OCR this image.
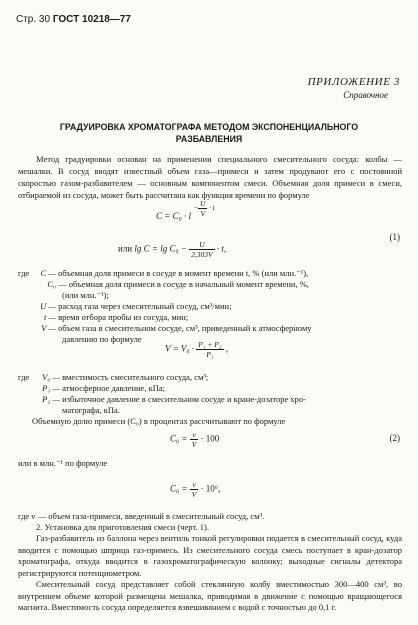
Стр. 30 ГОСТ 10218—77
ПРИЛОЖЕНИЕ 3
Справочное
ГРАДУИРОВКА ХРОМАТОГРАФА МЕТОДОМ ЭКСПОНЕНЦИАЛЬНОГО
РАЗБАВЛЕНИЯ
Метод градуировки основан на применении специального смесительного сосуда: колбы — мешалки. В сосуд вводят известный объем газа—примеси и затем продувают его с постоянной скоростью газом-разбавителем — основным компонентом смеси. Объемная доля примеси в смеси, отбираемой из сосуда, может быть рассчитана как функция времени по формуле
C = C₀ · l $^{- \frac{U}{V} \cdot t}$
или $\lg C = \lg C_0 - \frac{U}{2,303V} \cdot t$,
(1)
где C — объемная доля примеси в сосуде в момент времени t, % (или млн.⁻¹),
C₀ — объемная доля примеси в сосуде в начальный момент времени, %,
(или млн.⁻¹);
U — расход газа через смесительный сосуд, см³/мин;
t — время отбора пробы из сосуда, мин;
V — объем газа в смесительном сосуде, см³, приведенный к атмосферному
давлению по формуле
$V = V_0 \cdot \frac{\text{P₁ + P₂}}{\text{P₁}}$ ,
где V₀ — вместимость смесительного сосуда, см³;
P₁ — атмосферное давление, кПа;
P₂ — избыточное давление в смесительном сосуде и кране-дозаторе хро-
матографа, кПа.
Объемную долю примеси (C₀) в процентах рассчитывают по формуле
$C_0 = \frac{v}{V} \cdot 100$	(2)
или в млн.⁻¹ по формуле
$C_0 = \frac{v}{V} \cdot 10^6$,
где v — объем газа-примеси, введенный в смесительный сосуд, см³.
2. Установка для приготовления смеси (черт. 1).
Газ-разбавитель из баллона через вентиль тонкой регулировки подается в смесительный сосуд, куда вводится с помощью шприца газ-примесь. Из смесительного сосуда смесь поступает в кран-дозатор хроматографа, откуда вводится в газохроматографическую колонку; выходные сигналы детектора регистрируются потенциометром.
Смесительный сосуд представляет собой стеклянную колбу вместимостью 300—400 см³, во внутреннем объеме которой размещена мешалка, приводимая в движение с помощью вращающегося магнита. Вместимость сосуда определяется взвешиванием с водой с точностью до 0,1 г.
